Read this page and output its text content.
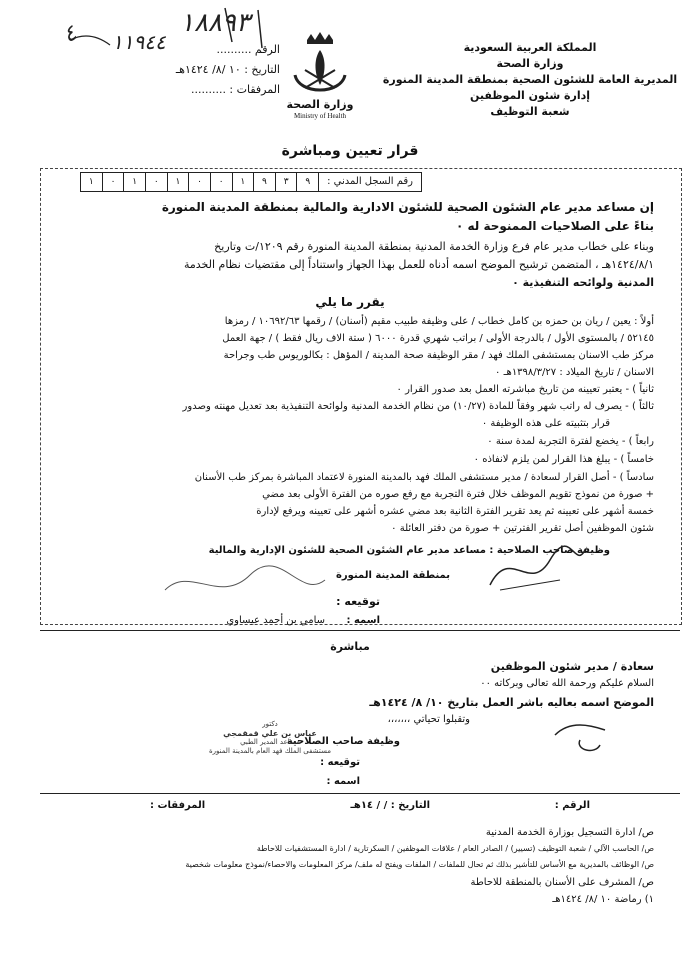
١٨٨٩٣
١١٩٤٤
٤	المملكة العربية السعودية
وزارة الصحة
المديرية العامة للشئون الصحية بمنطقة المدينة المنورة
إدارة شئون الموظفين
شعبة التوظيف
الرقم ..........
التاريخ : ١٠ /٨/ ١٤٢٤هـ
المرفقات : ..........
وزارة الصحة
Ministry of Health
قرار تعيين ومباشرة
رقم السجل المدني :
٩
٣
٩
١
٠
٠
١
٠
١
٠
١
إن مساعد مدير عام الشئون الصحية للشئون الادارية والمالية بمنطقة المدينة المنورة
بناءً على الصلاحيات الممنوحة له ٠
وبناء على خطاب مدير عام فرع وزارة الخدمة المدنية بمنطقة المدينة المنورة رقم ١٢٠٩/ت وتاريخ
١٤٢٤/٨/١هـ ، المتضمن ترشيح الموضح اسمه أدناه للعمل بهذا الجهاز واستناداً إلى مقتضيات نظام الخدمة
المدنية ولوائحه التنفيذية ٠
يقرر ما يلي
أولاً : يعين / ريان بن حمزه بن كامل خطاب / على وظيفة طبيب مقيم (أسنان) / رقمها ١٠٦٩٢/٦٣ / رمزها
٥٢١٤٥ / بالمستوى الأول / بالدرجة الأولى / براتب شهري قدرة ٦٠٠٠ ( ستة الاف ريال فقط ) / جهة العمل
مركز طب الاسنان بمستشفى الملك فهد / مقر الوظيفة صحة المدينة / المؤهل : بكالوريوس طب وجراحة
الاسنان / تاريخ الميلاد : ١٣٩٨/٣/٢٧هـ ٠
ثانياً ) - يعتبر تعيينه من تاريخ مباشرته العمل بعد صدور القرار ٠
ثالثاً ) - يصرف له راتب شهر وفقاً للمادة (١٠/٢٧) من نظام الخدمة المدنية ولوائحة التنفيذية بعد تعديل مهنته وصدور
قرار بتثبيته على هذه الوظيفة ٠
رابعاً ) - يخضع لفترة التجربة لمدة سنة ٠
خامساً ) - يبلغ هذا القرار لمن يلزم لانفاذه ٠
سادساً ) - أصل القرار لسعادة / مدير مستشفى الملك فهد بالمدينة المنورة لاعتماد المباشرة بمركز طب الأسنان
+ صورة من نموذج تقويم الموظف خلال فترة التجربة مع رفع صوره من الفترة الأولى بعد مضي
خمسة أشهر على تعيينه ثم يعد تقرير الفترة الثانية بعد مضي عشره أشهر على تعيينه ويرفع لإدارة
شئون الموظفين أصل تقرير الفترتين + صورة من دفتر العائلة ٠
وظيفة صاحب الصلاحية : مساعد مدير عام الشئون الصحية للشئون الإدارية والمالية
بمنطقة المدينة المنورة
توقيعه :
اسمه :
سامي بن أحمد عيساوي
مباشرة
سعادة / مدير شئون الموظفين
السلام عليكم ورحمة الله تعالى وبركاته ٠٠
الموضح اسمه بعاليه باشر العمل بتاريخ ١٠/ ٨/ ١٤٢٤هـ
وتقبلوا تحياتي ،،،،،،،
وظيفة صاحب الصلاحية
توقيعه :
اسمه :
دكتور
عباس بن علي قمقمجي
مساعد المدير الطبي
مستشفى الملك فهد العام بالمدينة المنورة
الرقم :
التاريخ : / / ١٤هـ
المرفقات :
ص/ ادارة التسجيل بوزارة الخدمة المدنية
ص/ الحاسب الآلي / شعبة التوظيف (تسيير) / الصادر العام / علاقات الموظفين / السكرتارية / ادارة المستشفيات للاحاطة
ص/ الوظائف بالمديرية مع الأساس للتأشير بذلك ثم تحال للملفات / الملفات ويفتح له ملف/ مركز المعلومات والاحصاء/نموذج معلومات شخصية
ص/ المشرف على الأسنان بالمنطقة للاحاطة
١) رماضة ١٠ /٨/ ١٤٢٤هـ
